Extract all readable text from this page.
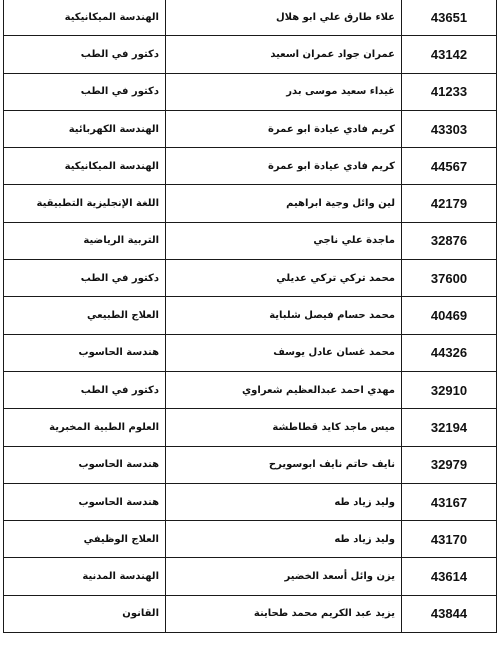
43651	علاء طارق علي ابو هلال	الهندسة الميكانيكية
43142	عمران جواد عمران اسعيد	دكتور في الطب
41233	غيداء سعيد موسى بدر	دكتور في الطب
43303	كريم فادي عيادة ابو عمرة	الهندسة الكهربائية
44567	كريم فادي عيادة ابو عمرة	الهندسة الميكانيكية
42179	لين وائل وجية ابراهيم	اللغة الإنجليزية التطبيقية
32876	ماجدة علي ناجي	التربية الرياضية
37600	محمد تركي تركي عديلي	دكتور في الطب
40469	محمد حسام فيصل شلباية	العلاج الطبيعي
44326	محمد غسان عادل يوسف	هندسة الحاسوب
32910	مهدي احمد عبدالعظيم شعراوي	دكتور في الطب
32194	ميس ماجد كايد قطاطشة	العلوم الطبية المخبرية
32979	نايف حاتم نايف ابوسويرح	هندسة الحاسوب
43167	وليد زياد طه	هندسة الحاسوب
43170	وليد زياد طه	العلاج الوظيفي
43614	يزن وائل أسعد الخضير	الهندسة المدنية
43844	يزيد عبد الكريم محمد طحاينة	القانون
